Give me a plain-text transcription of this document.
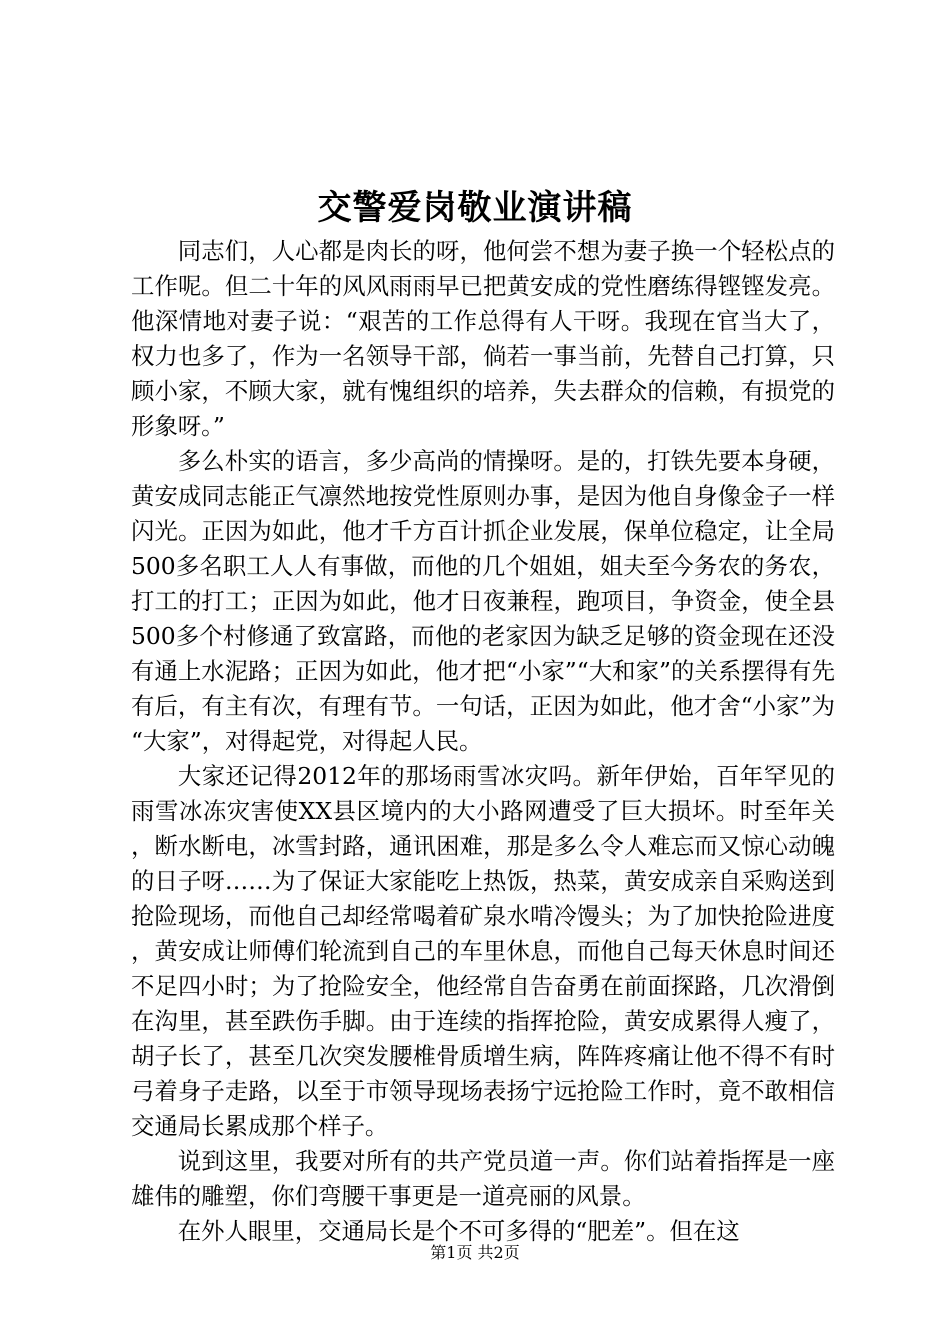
交警爱岗敬业演讲稿

同志们，人心都是肉长的呀，他何尝不想为妻子换一个轻松点的工作呢。但二十年的风风雨雨早已把黄安成的党性磨练得铿铿发亮。他深情地对妻子说：“艰苦的工作总得有人干呀。我现在官当大了，权力也多了，作为一名领导干部，倘若一事当前，先替自己打算，只顾小家，不顾大家，就有愧组织的培养，失去群众的信赖，有损党的形象呀。”

多么朴实的语言，多少高尚的情操呀。是的，打铁先要本身硬，黄安成同志能正气凛然地按党性原则办事，是因为他自身像金子一样闪光。正因为如此，他才千方百计抓企业发展，保单位稳定，让全局500多名职工人人有事做，而他的几个姐姐，姐夫至今务农的务农，打工的打工；正因为如此，他才日夜兼程，跑项目，争资金，使全县500多个村修通了致富路，而他的老家因为缺乏足够的资金现在还没有通上水泥路；正因为如此，他才把“小家”“大和家”的关系摆得有先有后，有主有次，有理有节。一句话，正因为如此，他才舍“小家”为“大家”，对得起党，对得起人民。

大家还记得2012年的那场雨雪冰灾吗。新年伊始，百年罕见的雨雪冰冻灾害使XX县区境内的大小路网遭受了巨大损坏。时至年关，断水断电，冰雪封路，通讯困难，那是多么令人难忘而又惊心动魄的日子呀……为了保证大家能吃上热饭，热菜，黄安成亲自采购送到抢险现场，而他自己却经常喝着矿泉水啃冷馒头；为了加快抢险进度，黄安成让师傅们轮流到自己的车里休息，而他自己每天休息时间还不足四小时；为了抢险安全，他经常自告奋勇在前面探路，几次滑倒在沟里，甚至跌伤手脚。由于连续的指挥抢险，黄安成累得人瘦了，胡子长了，甚至几次突发腰椎骨质增生病，阵阵疼痛让他不得不有时弓着身子走路，以至于市领导现场表扬宁远抢险工作时，竟不敢相信交通局长累成那个样子。

说到这里，我要对所有的共产党员道一声。你们站着指挥是一座雄伟的雕塑，你们弯腰干事更是一道亮丽的风景。

在外人眼里，交通局长是个不可多得的“肥差”。但在这

第1页 共2页
